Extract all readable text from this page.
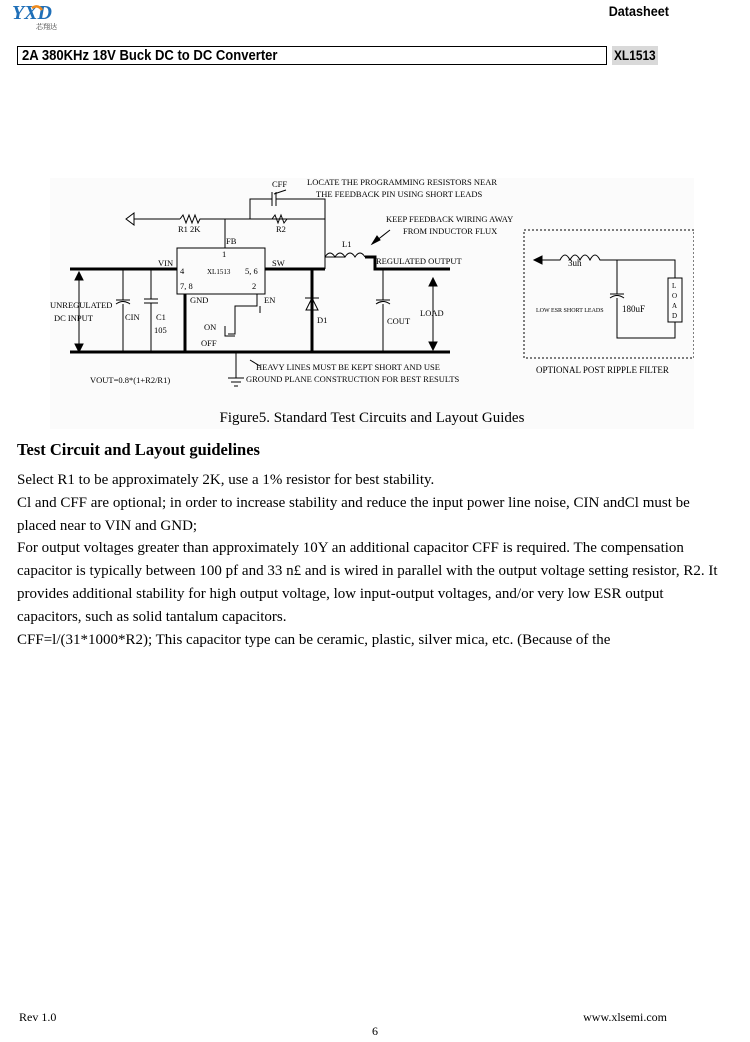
YXD
芯翔达
Datasheet
2A 380KHz 18V Buck DC to DC Converter	XL1513
CFF LOCATE THE PROGRAMMING RESISTORS NEAR
THE FEEDBACK PIN USING SHORT LEADS
KEEP FEEDBACK WIRING AWAY
FROM INDUCTOR FLUX
R1 2K	R2
FB
1
L1
VIN
4	XL1513 5, 6
SW	REGULATED OUTPUT
7, 8	2
GND	EN
UNREGULATED
DC INPUT	CIN C1
105	ON
OFF
D1	COUT
LOAD
HEAVY LINES MUST BE KEPT SHORT AND USE
GROUND PLANE CONSTRUCTION FOR BEST RESULTS
VOUT=0.8*(1+R2/R1)
3uh
LOW ESR SHORT LEADS 180uF
L
O
A
D
OPTIONAL POST RIPPLE FILTER
Figure5. Standard Test Circuits and Layout Guides
Test Circuit and Layout guidelines

Select R1 to be approximately 2K, use a 1% resistor for best stability.

Cl and CFF are optional; in order to increase stability and reduce the input power line noise, CIN andCl must be placed near to VIN and GND;

For output voltages greater than approximately 10Y an additional capacitor CFF is required. The compensation capacitor is typically between 100 pf and 33 n£ and is wired in parallel with the output voltage setting resistor, R2. It provides additional stability for high output voltage, low input-output voltages, and/or very low ESR output capacitors, such as solid tantalum capacitors.

CFF=l/(31*1000*R2); This capacitor type can be ceramic, plastic, silver mica, etc. (Because of the

Rev 1.0	www.xlsemi.com
6
